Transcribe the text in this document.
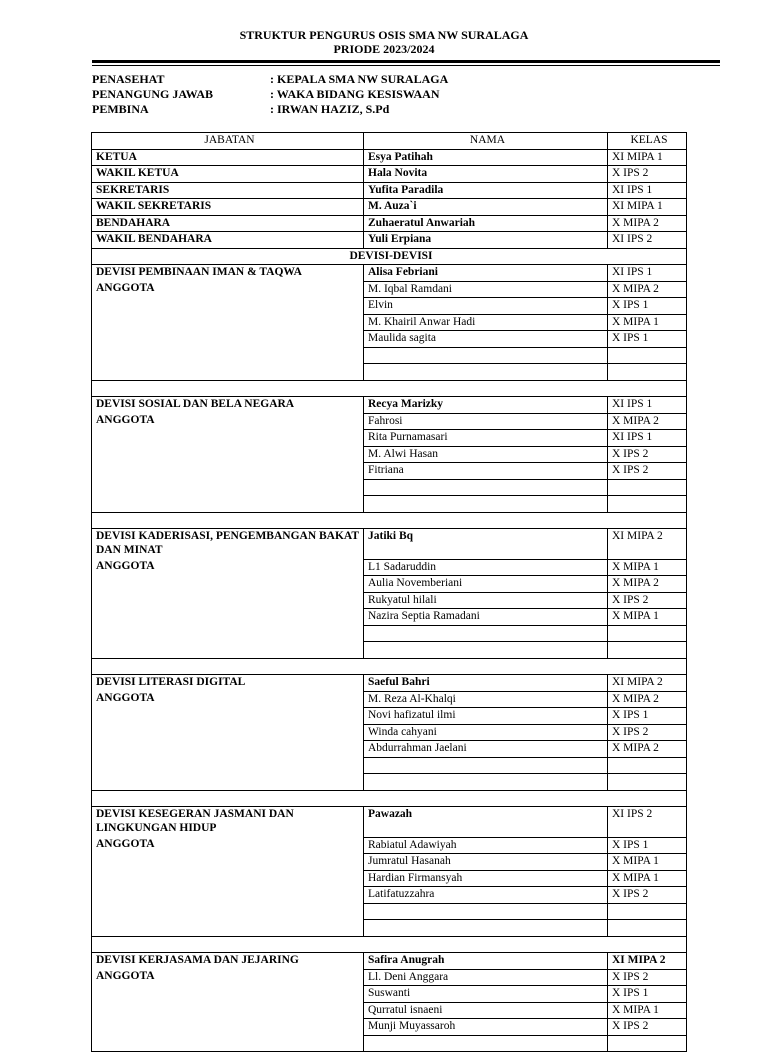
STRUKTUR PENGURUS OSIS SMA NW SURALAGA
PRIODE 2023/2024
PENASEHAT	: KEPALA SMA NW SURALAGA
PENANGUNG JAWAB	: WAKA BIDANG KESISWAAN
PEMBINA	: IRWAN HAZIZ, S.Pd
JABATAN	NAMA	KELAS
KETUA	Esya Patihah	XI MIPA 1
WAKIL KETUA	Hala Novita	X IPS 2
SEKRETARIS	Yufita Paradila	XI IPS 1
WAKIL SEKRETARIS	M. Auza`i	XI MIPA 1
BENDAHARA	Zuhaeratul Anwariah	X MIPA 2
WAKIL BENDAHARA	Yuli Erpiana	XI IPS 2
DEVISI-DEVISI		
DEVISI PEMBINAAN IMAN & TAQWA	Alisa Febriani	XI IPS 1
ANGGOTA	M. Iqbal Ramdani	X MIPA 2
	Elvin	X IPS 1
	M. Khairil Anwar Hadi	X MIPA 1
	Maulida sagita	X IPS 1

DEVISI SOSIAL DAN BELA NEGARA	Recya Marizky	XI IPS 1
ANGGOTA	Fahrosi	X MIPA 2
	Rita Purnamasari	XI IPS 1
	M. Alwi Hasan	X IPS 2
	Fitriana	X IPS 2

DEVISI KADERISASI, PENGEMBANGAN BAKAT DAN MINAT	Jatiki Bq	XI MIPA 2
ANGGOTA	L1 Sadaruddin	X MIPA 1
	Aulia Novemberiani	X MIPA 2
	Rukyatul hilali	X IPS 2
	Nazira Septia Ramadani	X MIPA 1

DEVISI LITERASI DIGITAL	Saeful Bahri	XI MIPA 2
ANGGOTA	M. Reza Al-Khalqi	X MIPA 2
	Novi hafizatul ilmi	X IPS 1
	Winda cahyani	X IPS 2
	Abdurrahman Jaelani	X MIPA 2

DEVISI KESEGERAN JASMANI DAN LINGKUNGAN HIDUP	Pawazah	XI IPS 2
ANGGOTA	Rabiatul Adawiyah	X IPS 1
	Jumratul Hasanah	X MIPA 1
	Hardian Firmansyah	X MIPA 1
	Latifatuzzahra	X IPS 2

DEVISI KERJASAMA DAN JEJARING	Safira Anugrah	XI MIPA 2
ANGGOTA	Ll. Deni Anggara	X IPS 2
	Suswanti	X IPS 1
	Qurratul isnaeni	X MIPA 1
	Munji Muyassaroh	X IPS 2
